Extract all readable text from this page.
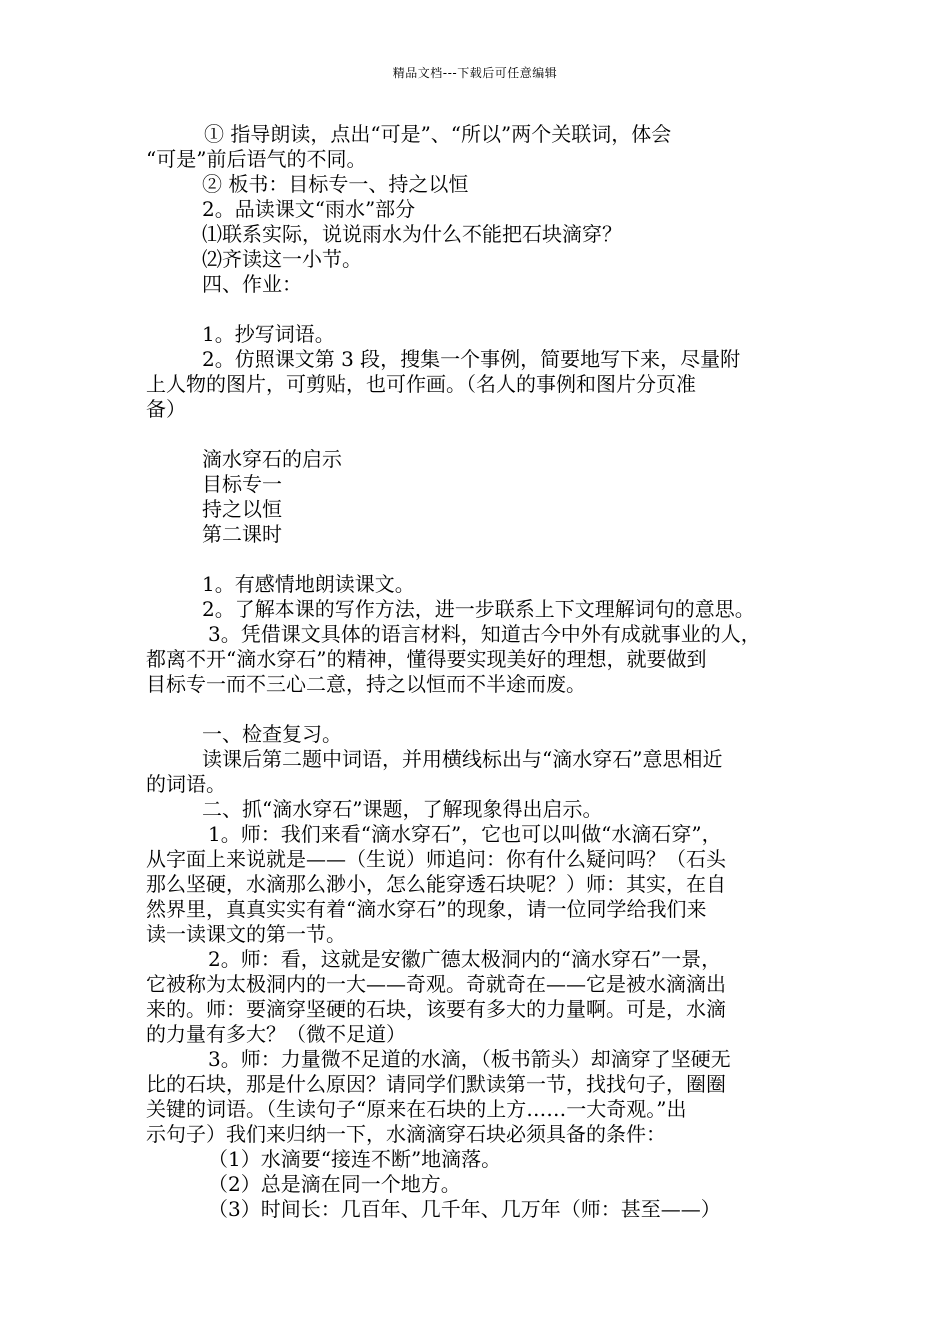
精品文档---下载后可任意编辑

① 指导朗读，点出“可是”、“所以”两个关联词，体会

“可是”前后语气的不同。

② 板书：目标专一、持之以恒

2。品读课文“雨水”部分

⑴联系实际，说说雨水为什么不能把石块滴穿？

⑵齐读这一小节。

四、作业：

1。抄写词语。

2。仿照课文第 3 段，搜集一个事例，简要地写下来，尽量附

上人物的图片，可剪贴，也可作画。（名人的事例和图片分页准

备）

滴水穿石的启示

目标专一

持之以恒

第二课时

1。有感情地朗读课文。

2。了解本课的写作方法，进一步联系上下文理解词句的意思。

3。凭借课文具体的语言材料，知道古今中外有成就事业的人，

都离不开“滴水穿石”的精神，懂得要实现美好的理想，就要做到

目标专一而不三心二意，持之以恒而不半途而废。

一、检查复习。

读课后第二题中词语，并用横线标出与“滴水穿石”意思相近

的词语。

二、抓“滴水穿石”课题，了解现象得出启示。

1。师：我们来看“滴水穿石”，它也可以叫做“水滴石穿”，

从字面上来说就是——（生说）师追问：你有什么疑问吗？（石头

那么坚硬，水滴那么渺小，怎么能穿透石块呢？）师：其实，在自

然界里，真真实实有着“滴水穿石”的现象，请一位同学给我们来

读一读课文的第一节。

2。师：看，这就是安徽广德太极洞内的“滴水穿石”一景，

它被称为太极洞内的一大——奇观。奇就奇在——它是被水滴滴出

来的。师：要滴穿坚硬的石块，该要有多大的力量啊。可是，水滴

的力量有多大？（微不足道）

3。师：力量微不足道的水滴，（板书箭头）却滴穿了坚硬无

比的石块，那是什么原因？请同学们默读第一节，找找句子，圈圈

关键的词语。（生读句子“原来在石块的上方……一大奇观。”出

示句子）我们来归纳一下，水滴滴穿石块必须具备的条件：

（1）水滴要“接连不断”地滴落。

（2）总是滴在同一个地方。

（3）时间长：几百年、几千年、几万年（师：甚至——）
